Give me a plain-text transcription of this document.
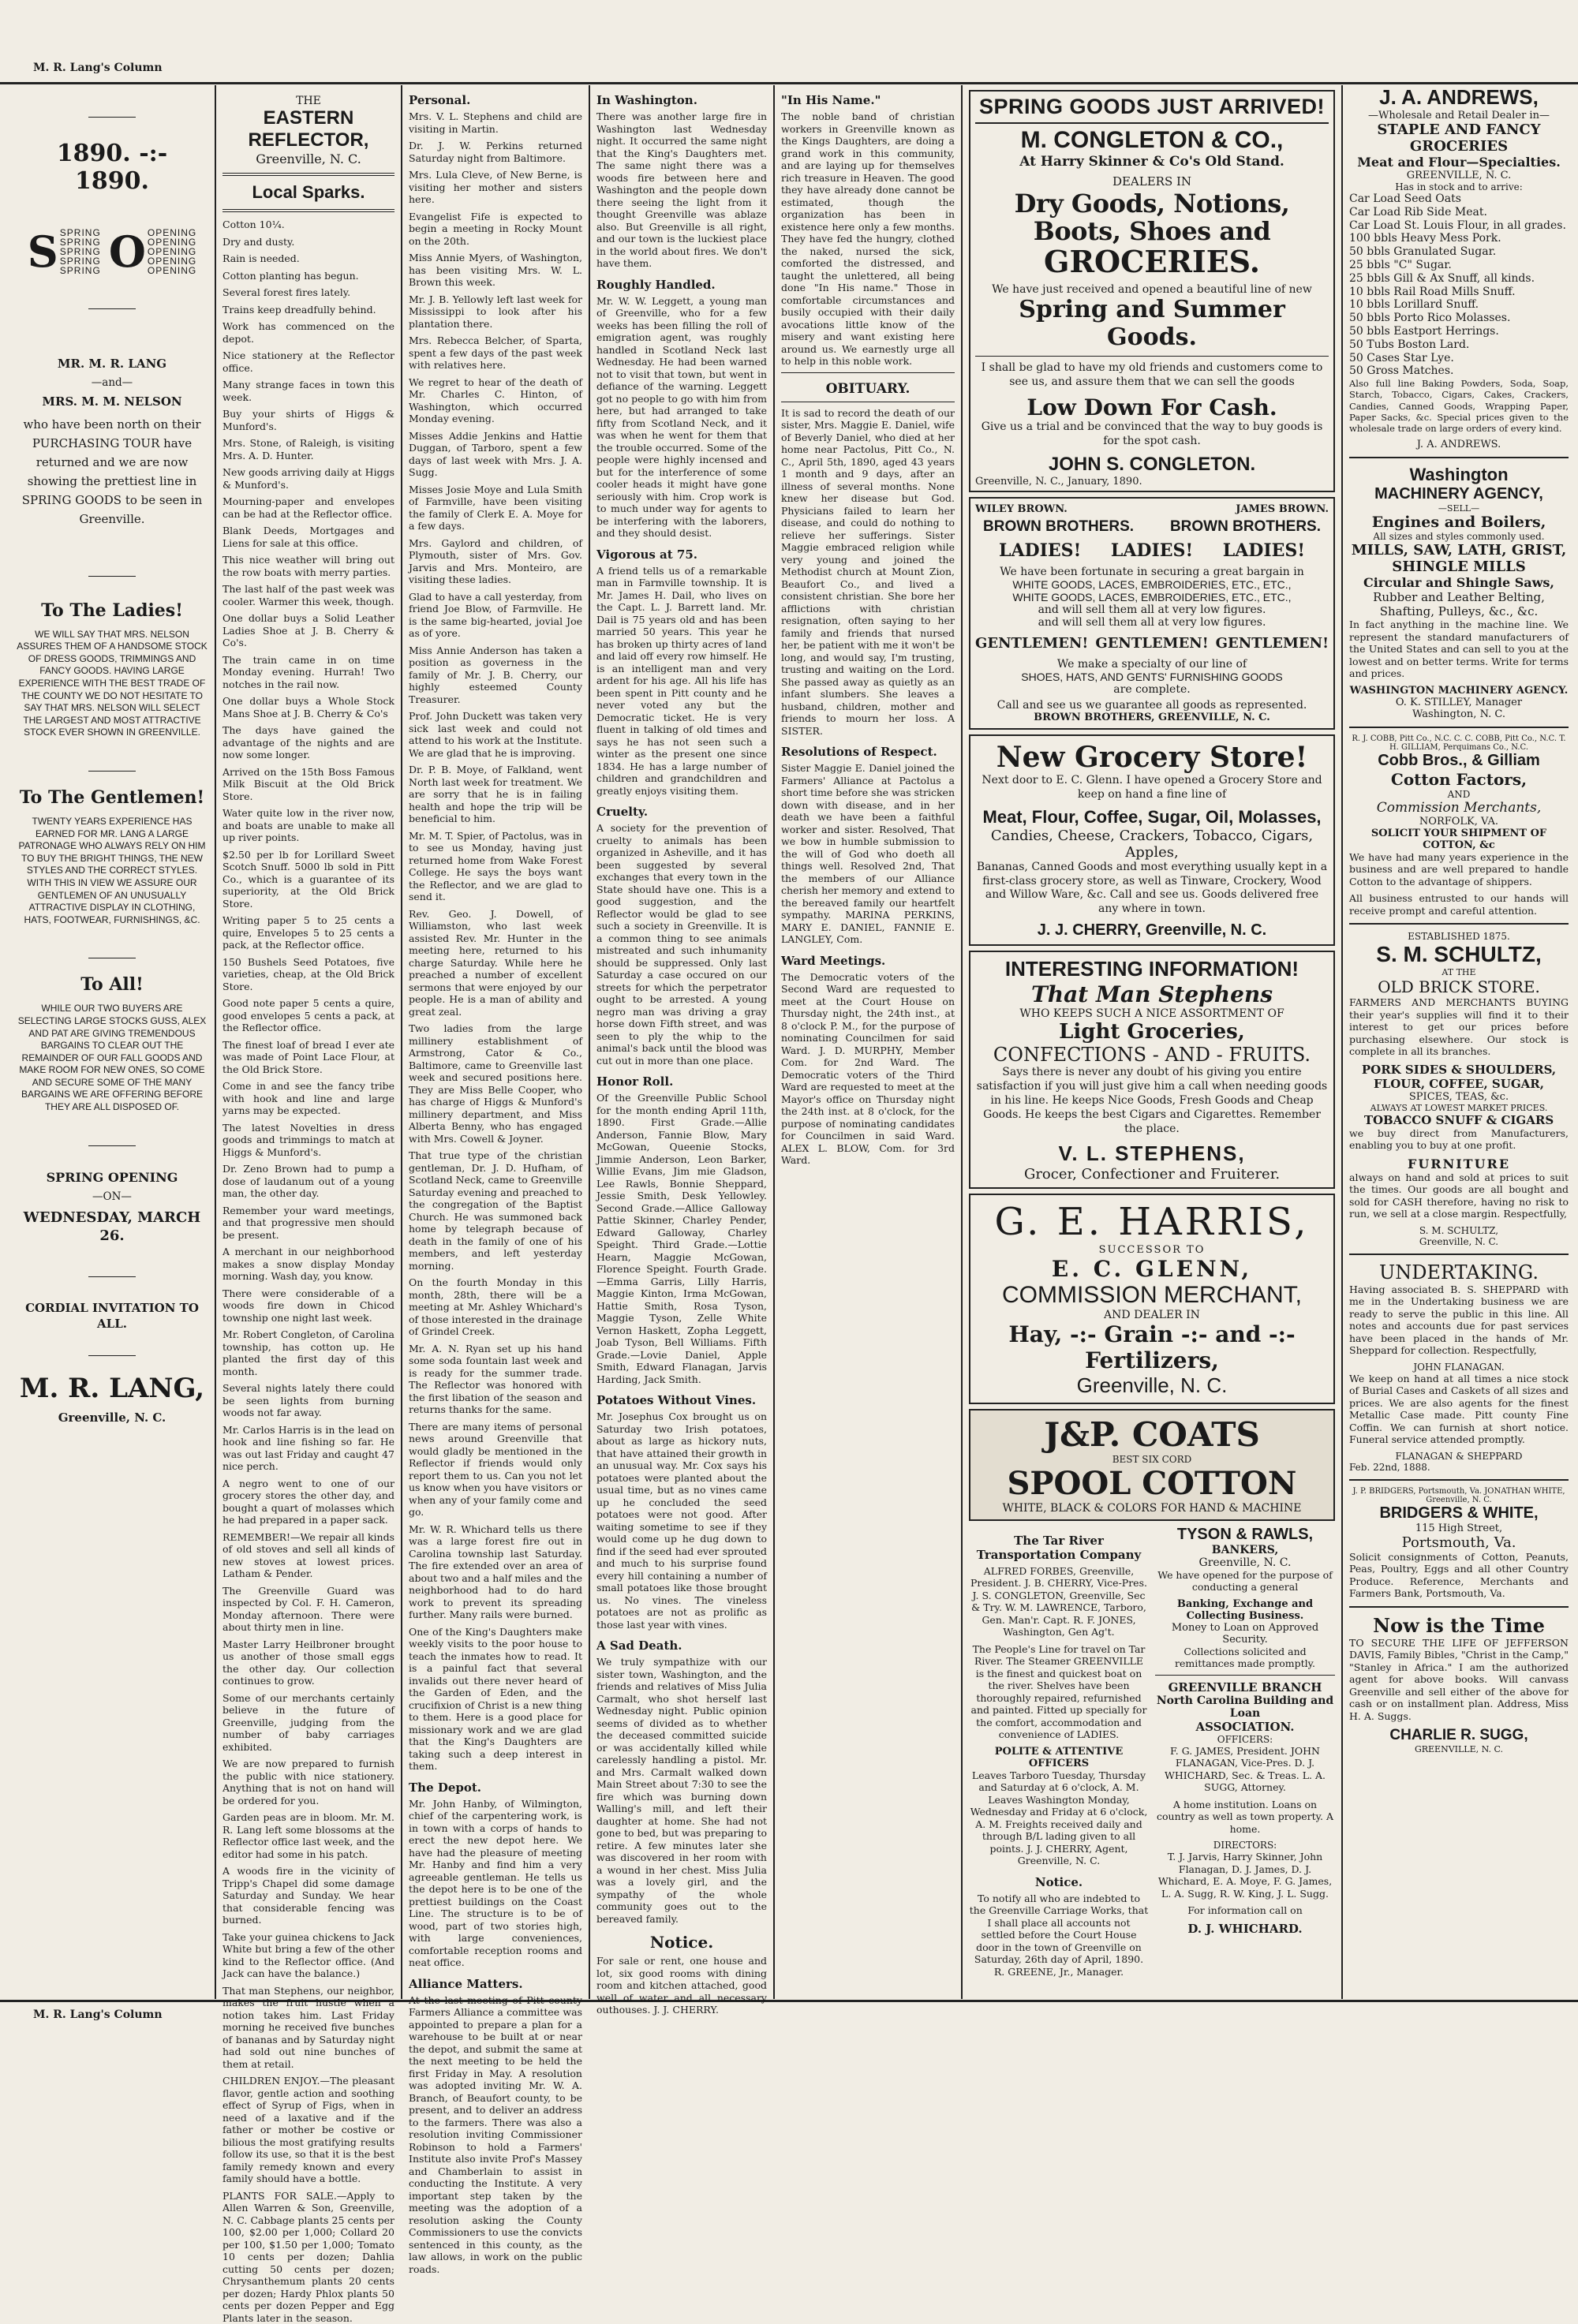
M. R. Lang's Column
1890. -:- 1890.
S SPRING
SPRING
SPRING
SPRING
SPRING O OPENING
OPENING
OPENING
OPENING
OPENING

MR. M. R. LANG

—and—

MRS. M. M. NELSON

who have been north on their PURCHASING TOUR have returned and we are now showing the prettiest line in SPRING GOODS to be seen in Greenville.

To The Ladies!

WE WILL SAY THAT MRS. NELSON ASSURES THEM OF A HANDSOME STOCK OF DRESS GOODS, TRIMMINGS AND FANCY GOODS. HAVING LARGE EXPERIENCE WITH THE BEST TRADE OF THE COUNTY WE DO NOT HESITATE TO SAY THAT MRS. NELSON WILL SELECT THE LARGEST AND MOST ATTRACTIVE STOCK EVER SHOWN IN GREENVILLE.

To The Gentlemen!

TWENTY YEARS EXPERIENCE HAS EARNED FOR MR. LANG A LARGE PATRONAGE WHO ALWAYS RELY ON HIM TO BUY THE BRIGHT THINGS, THE NEW STYLES AND THE CORRECT STYLES. WITH THIS IN VIEW WE ASSURE OUR GENTLEMEN OF AN UNUSUALLY ATTRACTIVE DISPLAY IN CLOTHING, HATS, FOOTWEAR, FURNISHINGS, &C.

To All!

WHILE OUR TWO BUYERS ARE SELECTING LARGE STOCKS GUSS, ALEX AND PAT ARE GIVING TREMENDOUS BARGAINS TO CLEAR OUT THE REMAINDER OF OUR FALL GOODS AND MAKE ROOM FOR NEW ONES, SO COME AND SECURE SOME OF THE MANY BARGAINS WE ARE OFFERING BEFORE THEY ARE ALL DISPOSED OF.

SPRING OPENING

—ON—

WEDNESDAY, MARCH 26.

CORDIAL INVITATION TO ALL.

M. R. LANG,

Greenville, N. C.

M. R. Lang's Column
THE
EASTERN REFLECTOR,
Greenville, N. C.
Local Sparks.

Cotton 10¼.

Dry and dusty.

Rain is needed.

Cotton planting has begun.

Several forest fires lately.

Trains keep dreadfully behind.

Work has commenced on the depot.

Nice stationery at the Reflector office.

Many strange faces in town this week.

Buy your shirts of Higgs & Munford's.

Mrs. Stone, of Raleigh, is visiting Mrs. A. D. Hunter.

New goods arriving daily at Higgs & Munford's.

Mourning-paper and envelopes can be had at the Reflector office.

Blank Deeds, Mortgages and Liens for sale at this office.

This nice weather will bring out the row boats with merry parties.

The last half of the past week was cooler. Warmer this week, though.

One dollar buys a Solid Leather Ladies Shoe at J. B. Cherry & Co's.

The train came in on time Monday evening. Hurrah! Two notches in the rail now.

One dollar buys a Whole Stock Mans Shoe at J. B. Cherry & Co's

The days have gained the advantage of the nights and are now some longer.

Arrived on the 15th Boss Famous Milk Biscuit at the Old Brick Store.

Water quite low in the river now, and boats are unable to make all up river points.

$2.50 per lb for Lorillard Sweet Scotch Snuff. 5000 lb sold in Pitt Co., which is a guarantee of its superiority, at the Old Brick Store.

Writing paper 5 to 25 cents a quire, Envelopes 5 to 25 cents a pack, at the Reflector office.

150 Bushels Seed Potatoes, five varieties, cheap, at the Old Brick Store.

Good note paper 5 cents a quire, good envelopes 5 cents a pack, at the Reflector office.

The finest loaf of bread I ever ate was made of Point Lace Flour, at the Old Brick Store.

Come in and see the fancy tribe with hook and line and large yarns may be expected.

The latest Novelties in dress goods and trimmings to match at Higgs & Munford's.

Dr. Zeno Brown had to pump a dose of laudanum out of a young man, the other day.

Remember your ward meetings, and that progressive men should be present.

A merchant in our neighborhood makes a snow display Monday morning. Wash day, you know.

There were considerable of a woods fire down in Chicod township one night last week.

Mr. Robert Congleton, of Carolina township, has cotton up. He planted the first day of this month.

Several nights lately there could be seen lights from burning woods not far away.

Mr. Carlos Harris is in the lead on hook and line fishing so far. He was out last Friday and caught 47 nice perch.

A negro went to one of our grocery stores the other day, and bought a quart of molasses which he had prepared in a paper sack.

REMEMBER!—We repair all kinds of old stoves and sell all kinds of new stoves at lowest prices. Latham & Pender.

The Greenville Guard was inspected by Col. F. H. Cameron, Monday afternoon. There were about thirty men in line.

Master Larry Heilbroner brought us another of those small eggs the other day. Our collection continues to grow.

Some of our merchants certainly believe in the future of Greenville, judging from the number of baby carriages exhibited.

We are now prepared to furnish the public with nice stationery. Anything that is not on hand will be ordered for you.

Garden peas are in bloom. Mr. M. R. Lang left some blossoms at the Reflector office last week, and the editor had some in his patch.

A woods fire in the vicinity of Tripp's Chapel did some damage Saturday and Sunday. We hear that considerable fencing was burned.

Take your guinea chickens to Jack White but bring a few of the other kind to the Reflector office. (And Jack can have the balance.)

That man Stephens, our neighbor, makes the fruit hustle when a notion takes him. Last Friday morning he received five bunches of bananas and by Saturday night had sold out nine bunches of them at retail.

CHILDREN ENJOY.—The pleasant flavor, gentle action and soothing effect of Syrup of Figs, when in need of a laxative and if the father or mother be costive or bilious the most gratifying results follow its use, so that it is the best family remedy known and every family should have a bottle.

PLANTS FOR SALE.—Apply to Allen Warren & Son, Greenville, N. C. Cabbage plants 25 cents per 100, $2.00 per 1,000; Collard 20 per 100, $1.50 per 1,000; Tomato 10 cents per dozen; Dahlia cutting 50 cents per dozen; Chrysanthemum plants 20 cents per dozen; Hardy Phlox plants 50 cents per dozen Pepper and Egg Plants later in the season.

Personal.

Mrs. V. L. Stephens and child are visiting in Martin.

Dr. J. W. Perkins returned Saturday night from Baltimore.

Mrs. Lula Cleve, of New Berne, is visiting her mother and sisters here.

Evangelist Fife is expected to begin a meeting in Rocky Mount on the 20th.

Miss Annie Myers, of Washington, has been visiting Mrs. W. L. Brown this week.

Mr. J. B. Yellowly left last week for Mississippi to look after his plantation there.

Mrs. Rebecca Belcher, of Sparta, spent a few days of the past week with relatives here.

We regret to hear of the death of Mr. Charles C. Hinton, of Washington, which occurred Monday evening.

Misses Addie Jenkins and Hattie Duggan, of Tarboro, spent a few days of last week with Mrs. J. A. Sugg.

Misses Josie Moye and Lula Smith of Farmville, have been visiting the family of Clerk E. A. Moye for a few days.

Mrs. Gaylord and children, of Plymouth, sister of Mrs. Gov. Jarvis and Mrs. Monteiro, are visiting these ladies.

Glad to have a call yesterday, from friend Joe Blow, of Farmville. He is the same big-hearted, jovial Joe as of yore.

Miss Annie Anderson has taken a position as governess in the family of Mr. J. B. Cherry, our highly esteemed County Treasurer.

Prof. John Duckett was taken very sick last week and could not attend to his work at the Institute. We are glad that he is improving.

Dr. P. B. Moye, of Falkland, went North last week for treatment. We are sorry that he is in failing health and hope the trip will be beneficial to him.

Mr. M. T. Spier, of Pactolus, was in to see us Monday, having just returned home from Wake Forest College. He says the boys want the Reflector, and we are glad to send it.

Rev. Geo. J. Dowell, of Williamston, who last week assisted Rev. Mr. Hunter in the meeting here, returned to his charge Saturday. While here he preached a number of excellent sermons that were enjoyed by our people. He is a man of ability and great zeal.

Two ladies from the large millinery establishment of Armstrong, Cator & Co., Baltimore, came to Greenville last week and secured positions here. They are Miss Belle Cooper, who has charge of Higgs & Munford's millinery department, and Miss Alberta Benny, who has engaged with Mrs. Cowell & Joyner.

That true type of the christian gentleman, Dr. J. D. Hufham, of Scotland Neck, came to Greenville Saturday evening and preached to the congregation of the Baptist Church. He was summoned back home by telegraph because of death in the family of one of his members, and left yesterday morning.

On the fourth Monday in this month, 28th, there will be a meeting at Mr. Ashley Whichard's of those interested in the drainage of Grindel Creek.

Mr. A. N. Ryan set up his hand some soda fountain last week and is ready for the summer trade. The Reflector was honored with the first libation of the season and returns thanks for the same.

There are many items of personal news around Greenville that would gladly be mentioned in the Reflector if friends would only report them to us. Can you not let us know when you have visitors or when any of your family come and go.

Mr. W. R. Whichard tells us there was a large forest fire out in Carolina township last Saturday. The fire extended over an area of about two and a half miles and the neighborhood had to do hard work to prevent its spreading further. Many rails were burned.

One of the King's Daughters make weekly visits to the poor house to teach the inmates how to read. It is a painful fact that several invalids out there never heard of the Garden of Eden, and the crucifixion of Christ is a new thing to them. Here is a good place for missionary work and we are glad that the King's Daughters are taking such a deep interest in them.

The Depot.

Mr. John Hanby, of Wilmington, chief of the carpentering work, is in town with a corps of hands to erect the new depot here. We have had the pleasure of meeting Mr. Hanby and find him a very agreeable gentleman. He tells us the depot here is to be one of the prettiest buildings on the Coast Line. The structure is to be of wood, part of two stories high, with large conveniences, comfortable reception rooms and neat office.

Alliance Matters.

At the last meeting of Pitt county Farmers Alliance a committee was appointed to prepare a plan for a warehouse to be built at or near the depot, and submit the same at the next meeting to be held the first Friday in May. A resolution was adopted inviting Mr. W. A. Branch, of Beaufort county, to be present, and to deliver an address to the farmers. There was also a resolution inviting Commissioner Robinson to hold a Farmers' Institute also invite Prof's Massey and Chamberlain to assist in conducting the Institute. A very important step taken by the meeting was the adoption of a resolution asking the County Commissioners to use the convicts sentenced in this county, as the law allows, in work on the public roads.

In Washington.

There was another large fire in Washington last Wednesday night. It occurred the same night that the King's Daughters met. The same night there was a woods fire between here and Washington and the people down there seeing the light from it thought Greenville was ablaze also. But Greenville is all right, and our town is the luckiest place in the world about fires. We don't have them.

Roughly Handled.

Mr. W. W. Leggett, a young man of Greenville, who for a few weeks has been filling the roll of emigration agent, was roughly handled in Scotland Neck last Wednesday. He had been warned not to visit that town, but went in defiance of the warning. Leggett got no people to go with him from here, but had arranged to take fifty from Scotland Neck, and it was when he went for them that the trouble occurred. Some of the people were highly incensed and but for the interference of some cooler heads it might have gone seriously with him. Crop work is to much under way for agents to be interfering with the laborers, and they should desist.

Vigorous at 75.

A friend tells us of a remarkable man in Farmville township. It is Mr. James H. Dail, who lives on the Capt. L. J. Barrett land. Mr. Dail is 75 years old and has been married 50 years. This year he has broken up thirty acres of land and laid off every row himself. He is an intelligent man and very ardent for his age. All his life has been spent in Pitt county and he never voted any but the Democratic ticket. He is very fluent in talking of old times and says he has not seen such a winter as the present one since 1834. He has a large number of children and grandchildren and greatly enjoys visiting them.

Cruelty.

A society for the prevention of cruelty to animals has been organized in Asheville, and it has been suggested by several exchanges that every town in the State should have one. This is a good suggestion, and the Reflector would be glad to see such a society in Greenville. It is a common thing to see animals mistreated and such inhumanity should be suppressed. Only last Saturday a case occured on our streets for which the perpetrator ought to be arrested. A young negro man was driving a gray horse down Fifth street, and was seen to ply the whip to the animal's back until the blood was cut out in more than one place.

Honor Roll.

Of the Greenville Public School for the month ending April 11th, 1890. First Grade.—Allie Anderson, Fannie Blow, Mary McGowan, Queenie Stocks, Jimmie Anderson, Leon Barker, Willie Evans, Jim mie Gladson, Lee Rawls, Bonnie Sheppard, Jessie Smith, Desk Yellowley. Second Grade.—Allice Galloway Pattie Skinner, Charley Pender, Edward Galloway, Charley Speight. Third Grade.—Lottie Hearn, Maggie McGowan, Florence Speight. Fourth Grade.—Emma Garris, Lilly Harris, Maggie Kinton, Irma McGowan, Hattie Smith, Rosa Tyson, Maggie Tyson, Zelle White Vernon Haskett, Zopha Leggett, Joab Tyson, Bell Williams. Fifth Grade.—Lovie Daniel, Apple Smith, Edward Flanagan, Jarvis Harding, Jack Smith.

Potatoes Without Vines.

Mr. Josephus Cox brought us on Saturday two Irish potatoes, about as large as hickory nuts, that have attained their growth in an unusual way. Mr. Cox says his potatoes were planted about the usual time, but as no vines came up he concluded the seed potatoes were not good. After waiting sometime to see if they would come up he dug down to find if the seed had ever sprouted and much to his surprise found every hill containing a number of small potatoes like those brought us. No vines. The vineless potatoes are not as prolific as those last year with vines.

A Sad Death.

We truly sympathize with our sister town, Washington, and the friends and relatives of Miss Julia Carmalt, who shot herself last Wednesday night. Public opinion seems of divided as to whether the deceased committed suicide or was accidentally killed while carelessly handling a pistol. Mr. and Mrs. Carmalt walked down Main Street about 7:30 to see the fire which was burning down Walling's mill, and left their daughter at home. She had not gone to bed, but was preparing to retire. A few minutes later she was discovered in her room with a wound in her chest. Miss Julia was a lovely girl, and the sympathy of the whole community goes out to the bereaved family.

Notice.

For sale or rent, one house and lot, six good rooms with dining room and kitchen attached, good well of water and all necessary outhouses. J. J. CHERRY.

"In His Name."

The noble band of christian workers in Greenville known as the Kings Daughters, are doing a grand work in this community, and are laying up for themselves rich treasure in Heaven. The good they have already done cannot be estimated, though the organization has been in existence here only a few months. They have fed the hungry, clothed the naked, nursed the sick, comforted the distressed, and taught the unlettered, all being done "In His name." Those in comfortable circumstances and busily occupied with their daily avocations little know of the misery and want existing here around us. We earnestly urge all to help in this noble work.

OBITUARY.

It is sad to record the death of our sister, Mrs. Maggie E. Daniel, wife of Beverly Daniel, who died at her home near Pactolus, Pitt Co., N. C., April 5th, 1890, aged 43 years 1 month and 9 days, after an illness of several months. None knew her disease but God. Physicians failed to learn her disease, and could do nothing to relieve her sufferings. Sister Maggie embraced religion while very young and joined the Methodist church at Mount Zion, Beaufort Co., and lived a consistent christian. She bore her afflictions with christian resignation, often saying to her family and friends that nursed her, be patient with me it won't be long, and would say, I'm trusting, trusting and waiting on the Lord. She passed away as quietly as an infant slumbers. She leaves a husband, children, mother and friends to mourn her loss. A SISTER.

Resolutions of Respect.

Sister Maggie E. Daniel joined the Farmers' Alliance at Pactolus a short time before she was stricken down with disease, and in her death we have been a faithful worker and sister. Resolved, That we bow in humble submission to the will of God who doeth all things well. Resolved 2nd, That the members of our Alliance cherish her memory and extend to the bereaved family our heartfelt sympathy. MARINA PERKINS, MARY E. DANIEL, FANNIE E. LANGLEY, Com.

Ward Meetings.

The Democratic voters of the Second Ward are requested to meet at the Court House on Thursday night, the 24th inst., at 8 o'clock P. M., for the purpose of nominating Councilmen for said Ward. J. D. MURPHY, Member Com. for 2nd Ward. The Democratic voters of the Third Ward are requested to meet at the Mayor's office on Thursday night the 24th inst. at 8 o'clock, for the purpose of nominating candidates for Councilmen in said Ward. ALEX L. BLOW, Com. for 3rd Ward.

SPRING GOODS JUST ARRIVED!
M. CONGLETON & CO.,
At Harry Skinner & Co's Old Stand.
DEALERS IN
Dry Goods, Notions, Boots, Shoes and
GROCERIES.
We have just received and opened a beautiful line of new
Spring and Summer Goods.

I shall be glad to have my old friends and customers come to see us, and assure them that we can sell the goods

Low Down For Cash.

Give us a trial and be convinced that the way to buy goods is for the spot cash.

JOHN S. CONGLETON.
Greenville, N. C., January, 1890.
WILEY BROWN.	JAMES BROWN.
BROWN BROTHERS. BROWN BROTHERS.
LADIES! LADIES! LADIES!
We have been fortunate in securing a great bargain in
WHITE GOODS, LACES, EMBROIDERIES, ETC., ETC.,
WHITE GOODS, LACES, EMBROIDERIES, ETC., ETC.,
and will sell them all at very low figures.
and will sell them all at very low figures.
GENTLEMEN! GENTLEMEN! GENTLEMEN!
We make a specialty of our line of
SHOES, HATS, AND GENTS' FURNISHING GOODS
are complete.
Call and see us we guarantee all goods as represented.
BROWN BROTHERS, GREENVILLE, N. C.
New Grocery Store!

Next door to E. C. Glenn. I have opened a Grocery Store and keep on hand a fine line of

Meat, Flour, Coffee, Sugar, Oil, Molasses,
Candies, Cheese, Crackers, Tobacco, Cigars, Apples,

Bananas, Canned Goods and most everything usually kept in a first-class grocery store, as well as Tinware, Crockery, Wood and Willow Ware, &c. Call and see us. Goods delivered free any where in town.

J. J. CHERRY, Greenville, N. C.
INTERESTING INFORMATION!
That Man Stephens
WHO KEEPS SUCH A NICE ASSORTMENT OF
Light Groceries,
CONFECTIONS - AND - FRUITS.

Says there is never any doubt of his giving you entire satisfaction if you will just give him a call when needing goods in his line. He keeps Nice Goods, Fresh Goods and Cheap Goods. He keeps the best Cigars and Cigarettes. Remember the place.

V. L. STEPHENS,
Grocer, Confectioner and Fruiterer.
G. E. HARRIS,
SUCCESSOR TO
E. C. GLENN,
COMMISSION MERCHANT,
AND DEALER IN
Hay, -:- Grain -:- and -:- Fertilizers,
Greenville, N. C.
J&P. COATS
BEST SIX CORD
SPOOL COTTON
WHITE, BLACK & COLORS FOR HAND & MACHINE
The Tar River Transportation Company

ALFRED FORBES, Greenville, President. J. B. CHERRY, Vice-Pres. J. S. CONGLETON, Greenville, Sec & Try. W. M. LAWRENCE, Tarboro, Gen. Man'r. Capt. R. F. JONES, Washington, Gen Ag't.

The People's Line for travel on Tar River. The Steamer GREENVILLE is the finest and quickest boat on the river. Shelves have been thoroughly repaired, refurnished and painted. Fitted up specially for the comfort, accommodation and convenience of LADIES.

POLITE & ATTENTIVE OFFICERS

Leaves Tarboro Tuesday, Thursday and Saturday at 6 o'clock, A. M. Leaves Washington Monday, Wednesday and Friday at 6 o'clock, A. M. Freights received daily and through B/L lading given to all points. J. J. CHERRY, Agent, Greenville, N. C.

Notice.

To notify all who are indebted to the Greenville Carriage Works, that I shall place all accounts not settled before the Court House door in the town of Greenville on Saturday, 26th day of April, 1890. R. GREENE, Jr., Manager.

TYSON & RAWLS,
BANKERS,
Greenville, N. C.

We have opened for the purpose of conducting a general

Banking, Exchange and Collecting Business.
Money to Loan on Approved Security.

Collections solicited and remittances made promptly.

GREENVILLE BRANCH
North Carolina Building and Loan
ASSOCIATION.
OFFICERS:

F. G. JAMES, President. JOHN FLANAGAN, Vice-Pres. D. J. WHICHARD, Sec. & Treas. L. A. SUGG, Attorney.

A home institution. Loans on country as well as town property. A home.

DIRECTORS:

T. J. Jarvis, Harry Skinner, John Flanagan, D. J. James, D. J. Whichard, E. A. Moye, F. G. James, L. A. Sugg, R. W. King, J. L. Sugg.

For information call on

D. J. WHICHARD.
J. A. ANDREWS,
—Wholesale and Retail Dealer in—
STAPLE AND FANCY GROCERIES
Meat and Flour—Specialties.
GREENVILLE, N. C.
Has in stock and to arrive:
Car Load Seed Oats
Car Load Rib Side Meat.
Car Load St. Louis Flour, in all grades.
100 bbls Heavy Mess Pork.
50 bbls Granulated Sugar.
25 bbls "C" Sugar.
25 bbls Gill & Ax Snuff, all kinds.
10 bbls Rail Road Mills Snuff.
10 bbls Lorillard Snuff.
50 bbls Porto Rico Molasses.
50 bbls Eastport Herrings.
50 Tubs Boston Lard.
50 Cases Star Lye.
50 Gross Matches.

Also full line Baking Powders, Soda, Soap, Starch, Tobacco, Cigars, Cakes, Crackers, Candies, Canned Goods, Wrapping Paper, Paper Sacks, &c. Special prices given to the wholesale trade on large orders of every kind.

J. A. ANDREWS.
Washington
MACHINERY AGENCY,
—SELL—
Engines and Boilers,
All sizes and styles commonly used.
MILLS, SAW, LATH, GRIST, SHINGLE MILLS
Circular and Shingle Saws,
Rubber and Leather Belting,
Shafting, Pulleys, &c., &c.

In fact anything in the machine line. We represent the standard manufacturers of the United States and can sell to you at the lowest and on better terms. Write for terms and prices.

WASHINGTON MACHINERY AGENCY.
O. K. STILLEY, Manager
Washington, N. C.
R. J. COBB, Pitt Co., N.C. C. C. COBB, Pitt Co., N.C. T. H. GILLIAM, Perquimans Co., N.C.
Cobb Bros., & Gilliam
Cotton Factors,
AND
Commission Merchants,
NORFOLK, VA.
SOLICIT YOUR SHIPMENT OF COTTON, &c

We have had many years experience in the business and are well prepared to handle Cotton to the advantage of shippers.

All business entrusted to our hands will receive prompt and careful attention.

ESTABLISHED 1875.
S. M. SCHULTZ,
AT THE
OLD BRICK STORE.

FARMERS AND MERCHANTS BUYING their year's supplies will find it to their interest to get our prices before purchasing elsewhere. Our stock is complete in all its branches.

PORK SIDES & SHOULDERS,
FLOUR, COFFEE, SUGAR,
SPICES, TEAS, &c.
ALWAYS AT LOWEST MARKET PRICES.
TOBACCO SNUFF & CIGARS

we buy direct from Manufacturers, enabling you to buy at one profit.

FURNITURE

always on hand and sold at prices to suit the times. Our goods are all bought and sold for CASH therefore, having no risk to run, we sell at a close margin. Respectfully,

S. M. SCHULTZ,
Greenville, N. C.
UNDERTAKING.

Having associated B. S. SHEPPARD with me in the Undertaking business we are ready to serve the public in this line. All notes and accounts due for past services have been placed in the hands of Mr. Sheppard for collection. Respectfully,

JOHN FLANAGAN.

We keep on hand at all times a nice stock of Burial Cases and Caskets of all sizes and prices. We are also agents for the finest Metallic Case made. Pitt county Fine Coffin. We can furnish at short notice. Funeral service attended promptly.

FLANAGAN & SHEPPARD
Feb. 22nd, 1888.
J. P. BRIDGERS, Portsmouth, Va. JONATHAN WHITE, Greenville, N. C.
BRIDGERS & WHITE,
115 High Street,
Portsmouth, Va.

Solicit consignments of Cotton, Peanuts, Peas, Poultry, Eggs and all other Country Produce. Reference, Merchants and Farmers Bank, Portsmouth, Va.

Now is the Time

TO SECURE THE LIFE OF JEFFERSON DAVIS, Family Bibles, "Christ in the Camp," "Stanley in Africa." I am the authorized agent for above books. Will canvass Greenville and sell either of the above for cash or on installment plan. Address, Miss H. A. Suggs.

CHARLIE R. SUGG,
GREENVILLE, N. C.
